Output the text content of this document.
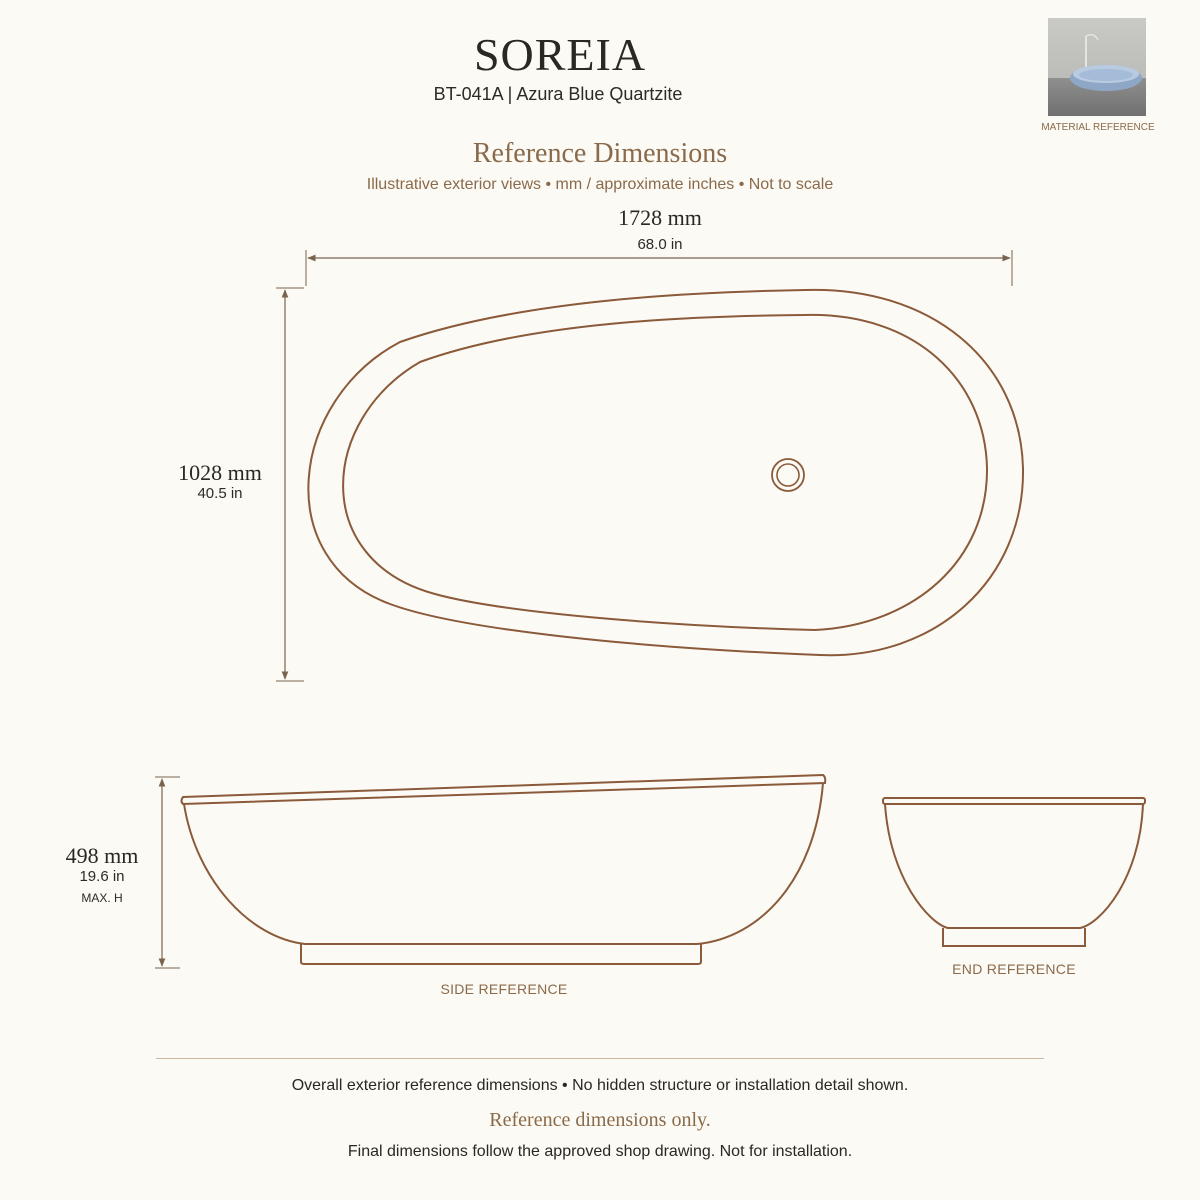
SOREIA
BT-041A | Azura Blue Quartzite
MATERIAL REFERENCE
Reference Dimensions
Illustrative exterior views • mm / approximate inches • Not to scale
1728 mm
68.0 in
1028 mm
40.5 in
498 mm
19.6 in
MAX. H
SIDE REFERENCE
END REFERENCE
Overall exterior reference dimensions • No hidden structure or installation detail shown.
Reference dimensions only.
Final dimensions follow the approved shop drawing. Not for installation.
